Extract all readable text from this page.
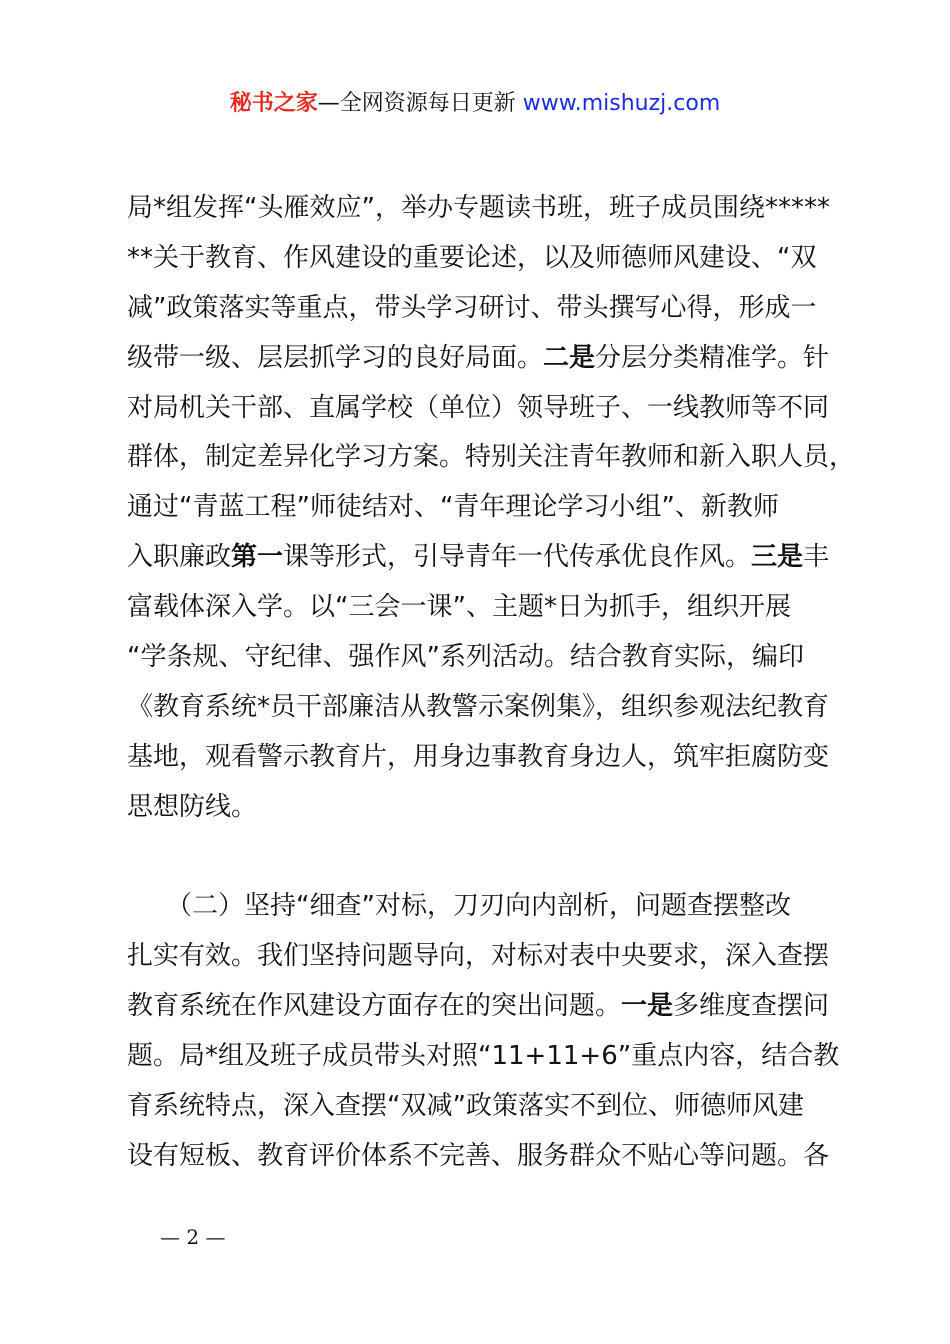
秘书之家—全网资源每日更新 www.mishuzj.com
局*组发挥“头雁效应”，举办专题读书班，班子成员围绕*****
**关于教育、作风建设的重要论述，以及师德师风建设、“双
减”政策落实等重点，带头学习研讨、带头撰写心得，形成一
级带一级、层层抓学习的良好局面。二是分层分类精准学。针
对局机关干部、直属学校（单位）领导班子、一线教师等不同
群体，制定差异化学习方案。特别关注青年教师和新入职人员，
通过“青蓝工程”师徒结对、“青年理论学习小组”、新教师
入职廉政第一课等形式，引导青年一代传承优良作风。三是丰
富载体深入学。以“三会一课”、主题*日为抓手，组织开展
“学条规、守纪律、强作风”系列活动。结合教育实际，编印
《教育系统*员干部廉洁从教警示案例集》，组织参观法纪教育
基地，观看警示教育片，用身边事教育身边人，筑牢拒腐防变
思想防线。
　　（二）坚持“细查”对标，刀刃向内剖析，问题查摆整改
扎实有效。我们坚持问题导向，对标对表中央要求，深入查摆
教育系统在作风建设方面存在的突出问题。一是多维度查摆问
题。局*组及班子成员带头对照“11+11+6”重点内容，结合教
育系统特点，深入查摆“双减”政策落实不到位、师德师风建
设有短板、教育评价体系不完善、服务群众不贴心等问题。各
— 2 —
